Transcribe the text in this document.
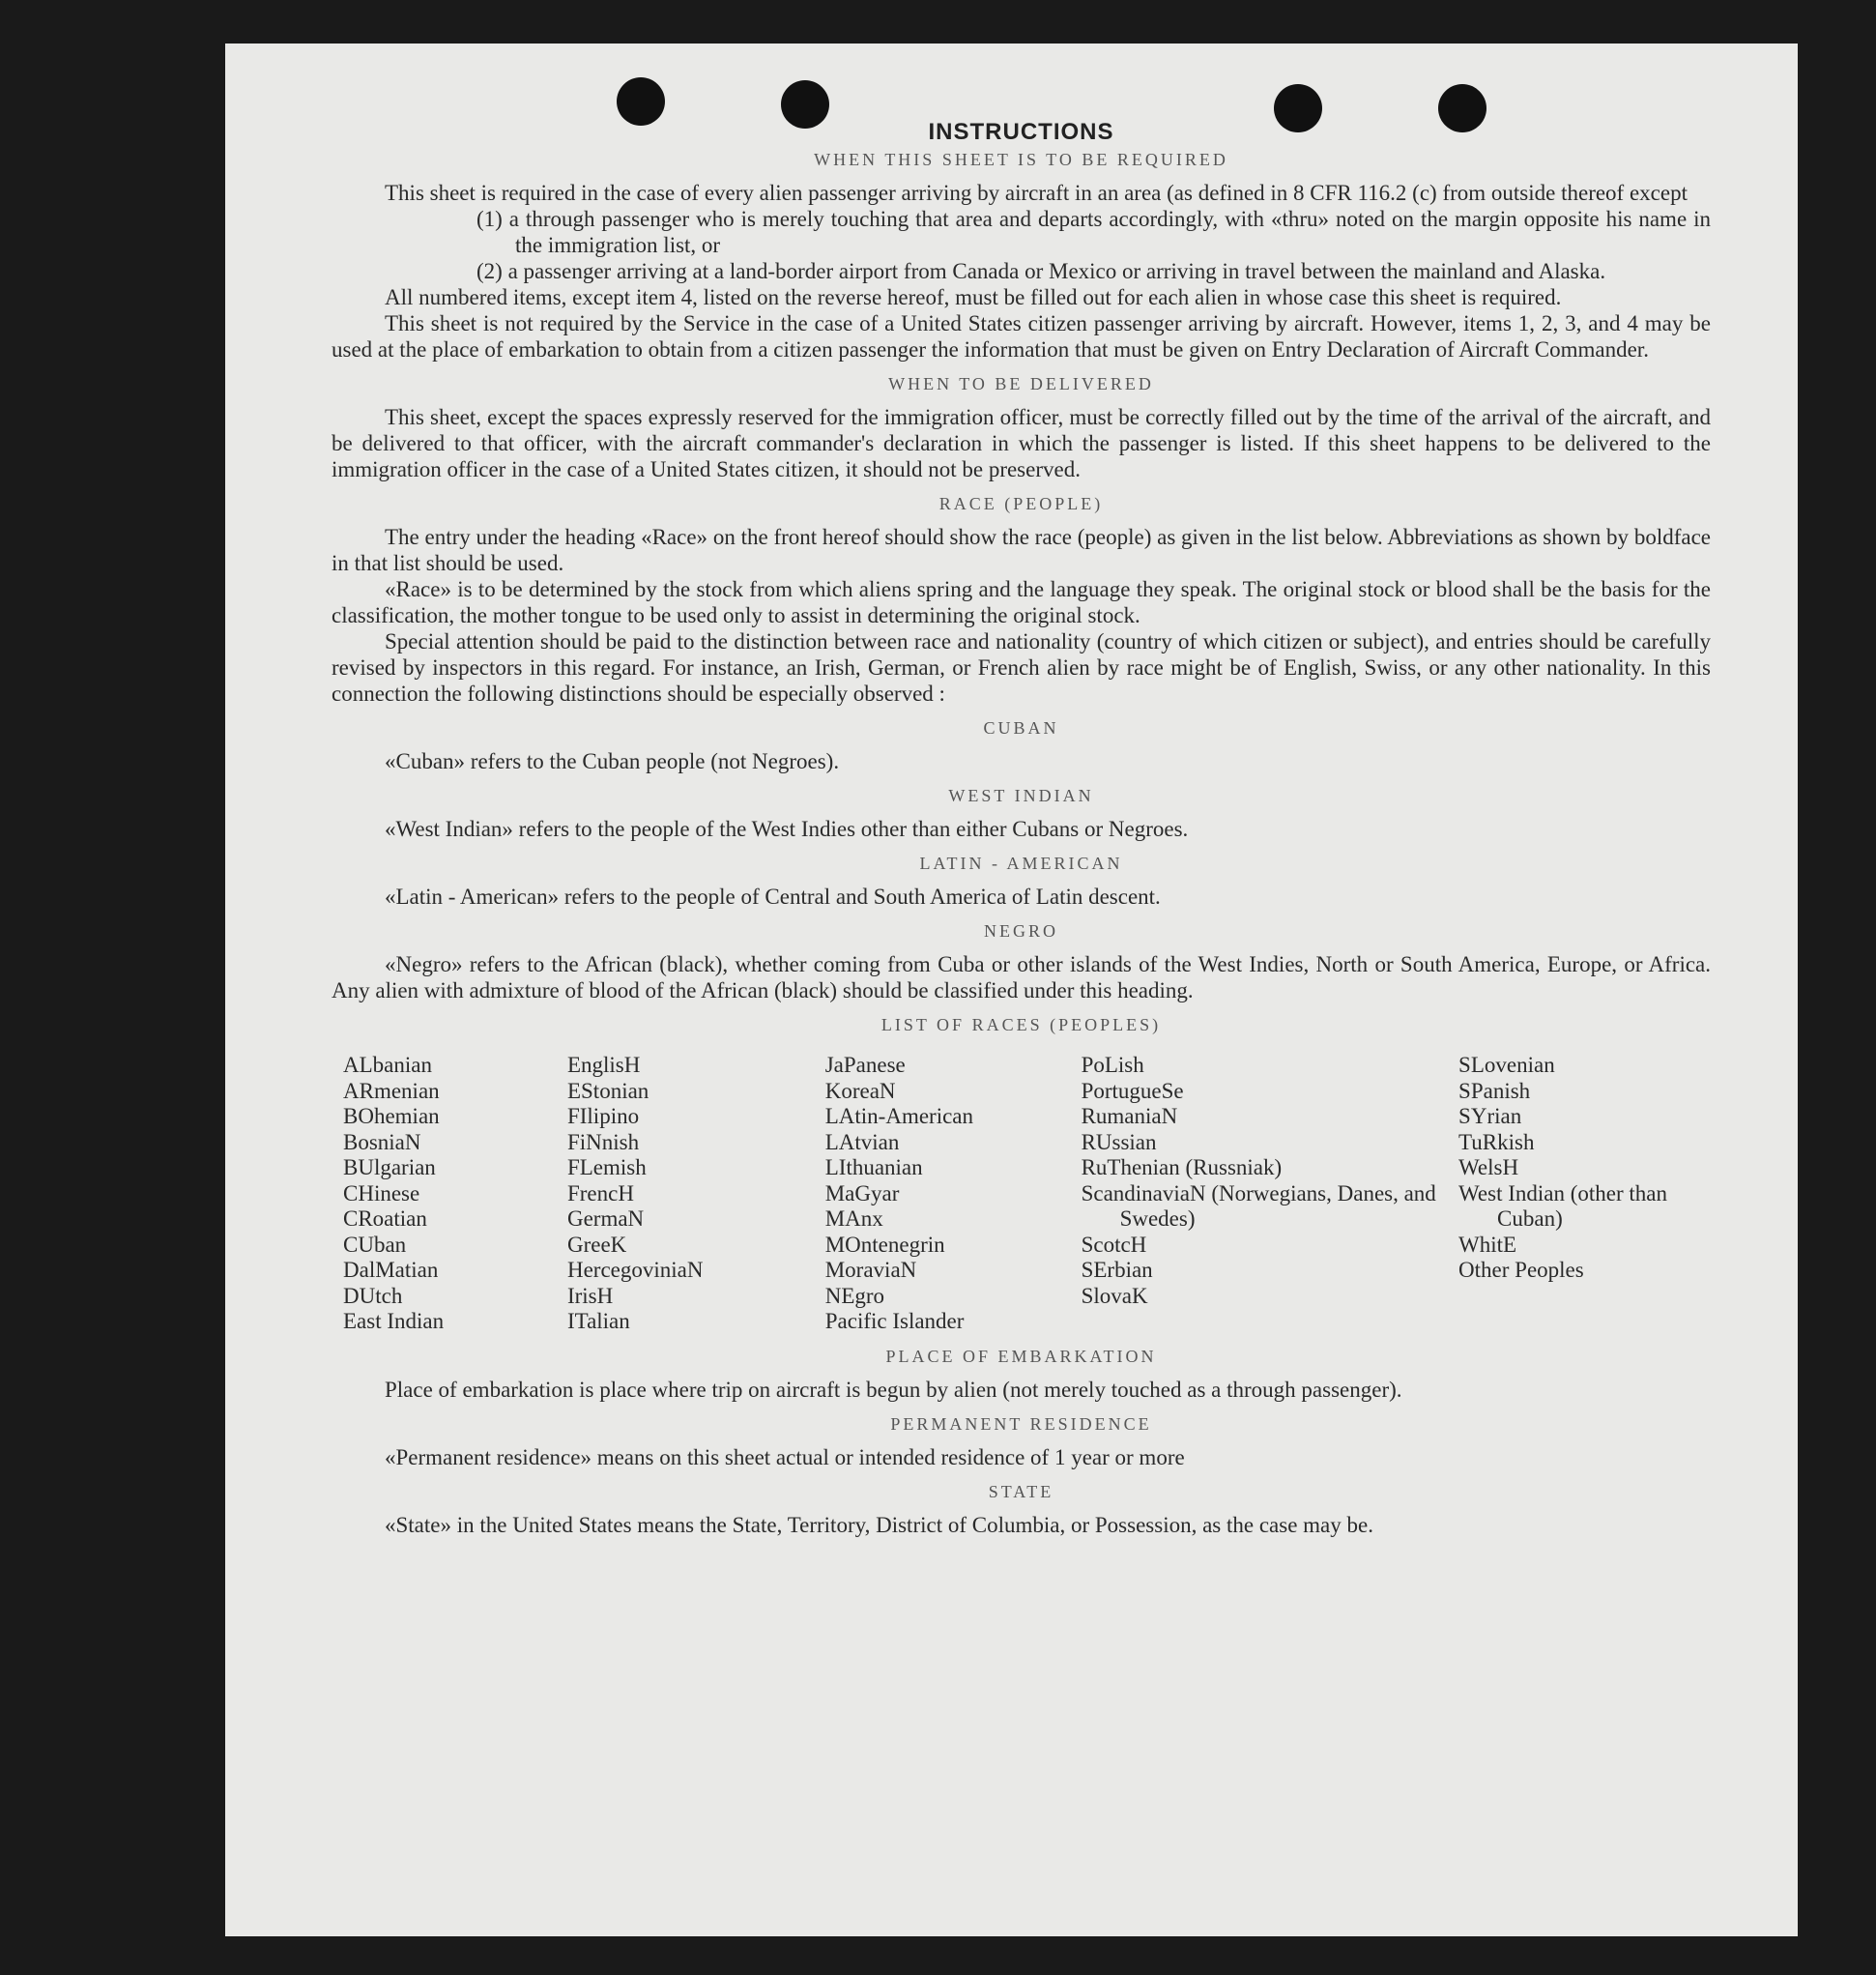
INSTRUCTIONS
WHEN THIS SHEET IS TO BE REQUIRED

This sheet is required in the case of every alien passenger arriving by aircraft in an area (as defined in 8 CFR 116.2 (c) from outside thereof except

(1) a through passenger who is merely touching that area and departs accordingly, with «thru» noted on the margin opposite his name in the immigration list, or
(2) a passenger arriving at a land-border airport from Canada or Mexico or arriving in travel between the mainland and Alaska.

All numbered items, except item 4, listed on the reverse hereof, must be filled out for each alien in whose case this sheet is required.

This sheet is not required by the Service in the case of a United States citizen passenger arriving by aircraft. However, items 1, 2, 3, and 4 may be used at the place of embarkation to obtain from a citizen passenger the information that must be given on Entry Declaration of Aircraft Commander.

WHEN TO BE DELIVERED

This sheet, except the spaces expressly reserved for the immigration officer, must be correctly filled out by the time of the arrival of the aircraft, and be delivered to that officer, with the aircraft commander's declaration in which the passenger is listed. If this sheet happens to be delivered to the immigration officer in the case of a United States citizen, it should not be preserved.

RACE (PEOPLE)

The entry under the heading «Race» on the front hereof should show the race (people) as given in the list below. Abbreviations as shown by boldface in that list should be used.

«Race» is to be determined by the stock from which aliens spring and the language they speak. The original stock or blood shall be the basis for the classification, the mother tongue to be used only to assist in determining the original stock.

Special attention should be paid to the distinction between race and nationality (country of which citizen or subject), and entries should be carefully revised by inspectors in this regard. For instance, an Irish, German, or French alien by race might be of English, Swiss, or any other nationality. In this connection the following distinctions should be especially observed :

CUBAN

«Cuban» refers to the Cuban people (not Negroes).

WEST INDIAN

«West Indian» refers to the people of the West Indies other than either Cubans or Negroes.

LATIN - AMERICAN

«Latin - American» refers to the people of Central and South America of Latin descent.

NEGRO

«Negro» refers to the African (black), whether coming from Cuba or other islands of the West Indies, North or South America, Europe, or Africa. Any alien with admixture of blood of the African (black) should be classified under this heading.

LIST OF RACES (PEOPLES)
ALbanian
ARmenian
BOhemian
BosniaN
BUlgarian
CHinese
CRoatian
CUban
DalMatian
DUtch
East Indian
EnglisH
EStonian
FIlipino
FiNnish
FLemish
FrencH
GermaN
GreeK
HercegoviniaN
IrisH
ITalian
JaPanese
KoreaN
LAtin-American
LAtvian
LIthuanian
MaGyar
MAnx
MOntenegrin
MoraviaN
NEgro
Pacific Islander
PoLish
PortugueSe
RumaniaN
RUssian
RuThenian (Russniak)
ScandinaviaN (Norwegians, Danes, and Swedes)
ScotcH
SErbian
SlovaK
SLovenian
SPanish
SYrian
TuRkish
WelsH
West Indian (other than Cuban)
WhitE
Other Peoples
PLACE OF EMBARKATION

Place of embarkation is place where trip on aircraft is begun by alien (not merely touched as a through passenger).

PERMANENT RESIDENCE

«Permanent residence» means on this sheet actual or intended residence of 1 year or more

STATE

«State» in the United States means the State, Territory, District of Columbia, or Possession, as the case may be.
